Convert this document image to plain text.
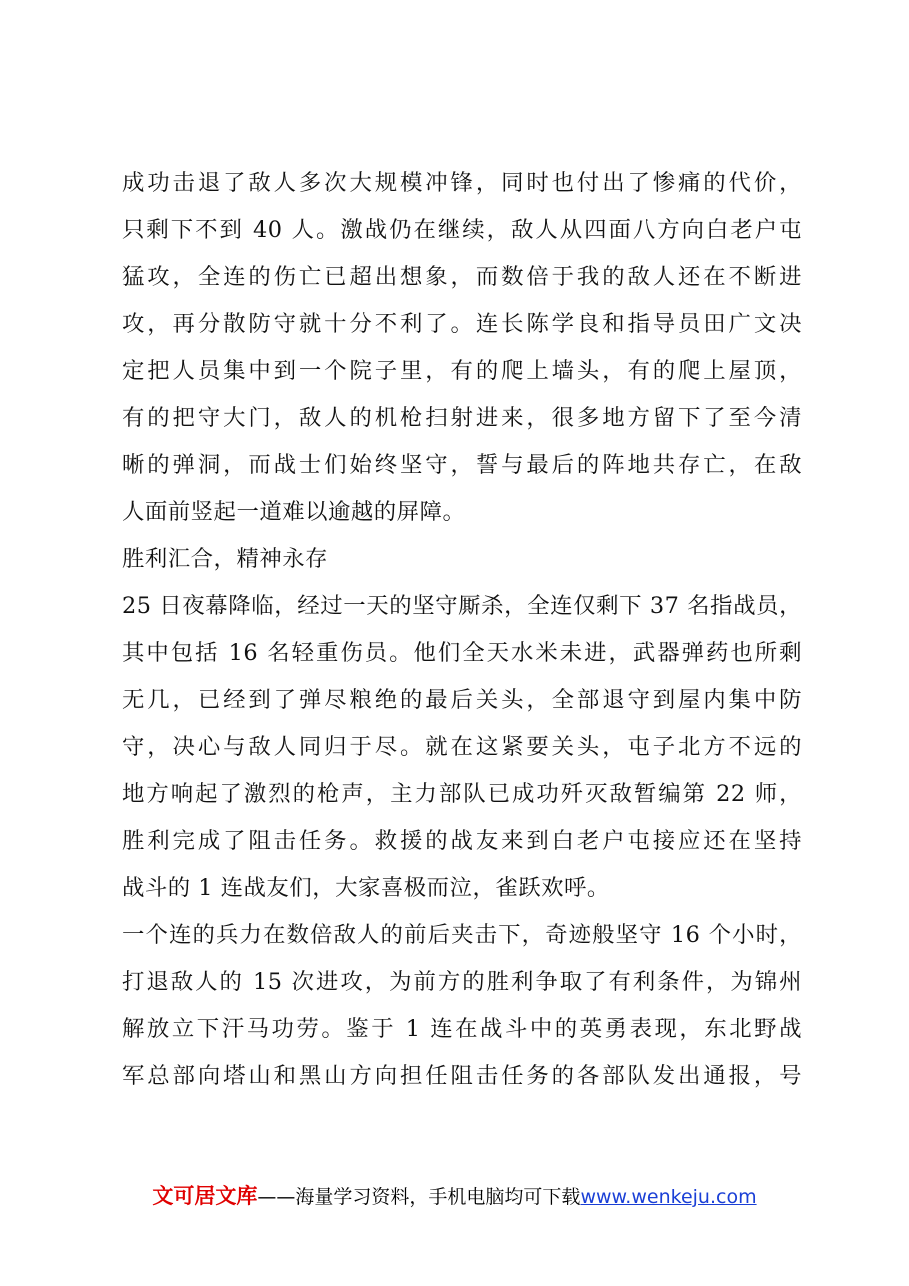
成功击退了敌人多次大规模冲锋，同时也付出了惨痛的代价，
只剩下不到 40 人。激战仍在继续，敌人从四面八方向白老户屯
猛攻，全连的伤亡已超出想象，而数倍于我的敌人还在不断进
攻，再分散防守就十分不利了。连长陈学良和指导员田广文决
定把人员集中到一个院子里，有的爬上墙头，有的爬上屋顶，
有的把守大门，敌人的机枪扫射进来，很多地方留下了至今清
晰的弹洞，而战士们始终坚守，誓与最后的阵地共存亡，在敌
人面前竖起一道难以逾越的屏障。
胜利汇合，精神永存
25 日夜幕降临，经过一天的坚守厮杀，全连仅剩下 37 名指战员，
其中包括 16 名轻重伤员。他们全天水米未进，武器弹药也所剩
无几，已经到了弹尽粮绝的最后关头，全部退守到屋内集中防
守，决心与敌人同归于尽。就在这紧要关头，屯子北方不远的
地方响起了激烈的枪声，主力部队已成功歼灭敌暂编第 22 师，
胜利完成了阻击任务。救援的战友来到白老户屯接应还在坚持
战斗的 1 连战友们，大家喜极而泣，雀跃欢呼。
一个连的兵力在数倍敌人的前后夹击下，奇迹般坚守 16 个小时，
打退敌人的 15 次进攻，为前方的胜利争取了有利条件，为锦州
解放立下汗马功劳。鉴于 1 连在战斗中的英勇表现，东北野战
军总部向塔山和黑山方向担任阻击任务的各部队发出通报，号
文可居文库——海量学习资料，手机电脑均可下载www.wenkeju.com
